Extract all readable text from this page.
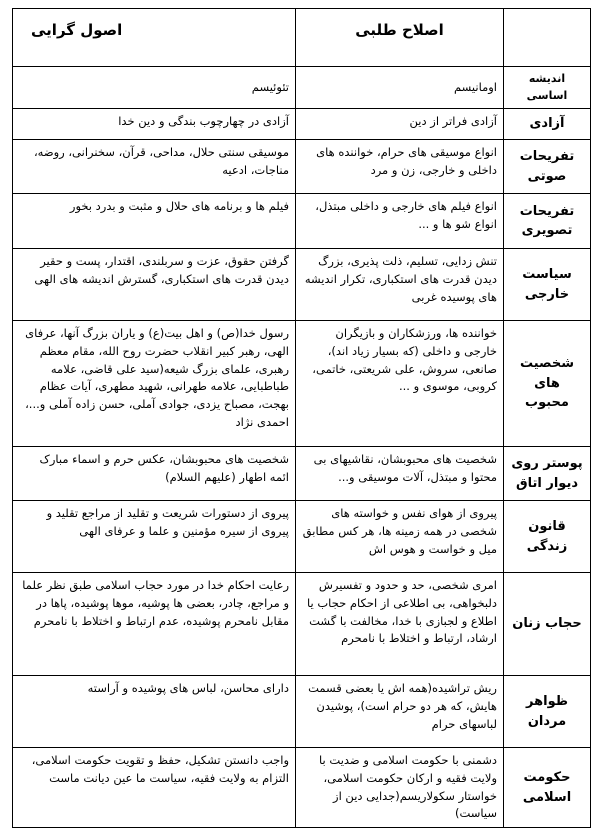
	اصلاح طلبی	اصول گرایی
اندیشه اساسی	اومانیسم	تئوئیسم
آزادی	آزادی فراتر از دین	آزادی در چهارچوب بندگی و دین خدا
تفریحات صوتی	انواع موسیقی های حرام، خواننده های داخلی و خارجی، زن و مرد	موسیقی سنتی حلال، مداحی، قرآن، سخنرانی، روضه، مناجات، ادعیه
تفریحات تصویری	انواع فیلم های خارجی و داخلی مبتذل، انواع شو ها و ...	فیلم ها و برنامه های حلال و مثبت و بدرد بخور
سیاست خارجی	تنش زدایی، تسلیم، ذلت پذیری، بزرگ دیدن قدرت های استکباری، تکرار اندیشه های پوسیده غربی	گرفتن حقوق، عزت و سربلندی، اقتدار، پست و حقیر دیدن قدرت های استکباری، گسترش اندیشه های الهی
شخصیت های محبوب	خواننده ها، ورزشکاران و بازیگران خارجی و داخلی (که بسیار زیاد اند)، صانعی، سروش، علی شریعتی، خاتمی، کروبی، موسوی و ...	رسول خدا(ص) و اهل بیت(ع) و یاران بزرگ آنها، عرفای الهی، رهبر کبیر انقلاب حضرت روح الله، مقام معظم رهبری، علمای بزرگ شیعه(سید علی قاضی، علامه طباطبایی، علامه طهرانی، شهید مطهری، آیات عظام بهجت، مصباح یزدی، جوادی آملی، حسن زاده آملی و...، احمدی نژاد
پوستر روی دیوار اتاق	شخصیت های محبوبشان، نقاشیهای بی محتوا و مبتذل، آلات موسیقی و...	شخصیت های محبوبشان، عکس حرم و اسماء مبارک ائمه اطهار (علیهم السلام)
قانون زندگی	پیروی از هوای نفس و خواسته های شخصی در همه زمینه ها، هر کس مطابق میل و خواست و هوس اش	پیروی از دستورات شریعت و تقلید از مراجع تقلید و پیروی از سیره مؤمنین و علما و عرفای الهی
حجاب زنان	امری شخصی، حد و حدود و تفسیرش دلبخواهی، بی اطلاعی از احکام حجاب یا اطلاع و لجبازی با خدا، مخالفت با گشت ارشاد، ارتباط و اختلاط با نامحرم	رعایت احکام خدا در مورد حجاب اسلامی طبق نظر علما و مراجع، چادر، بعضی ها پوشیه، موها پوشیده، پاها در مقابل نامحرم پوشیده، عدم ارتباط و اختلاط با نامحرم
ظواهر مردان	ریش تراشیده(همه اش یا بعضی قسمت هایش، که هر دو حرام است)، پوشیدن لباسهای حرام	دارای محاسن، لباس های پوشیده و آراسته
حکومت اسلامی	دشمنی با حکومت اسلامی و ضدیت با ولایت فقیه و ارکان حکومت اسلامی، خواستار سکولاریسم(جدایی دین از سیاست)	واجب دانستن تشکیل، حفظ و تقویت حکومت اسلامی، التزام به ولایت فقیه، سیاست ما عین دیانت ماست
